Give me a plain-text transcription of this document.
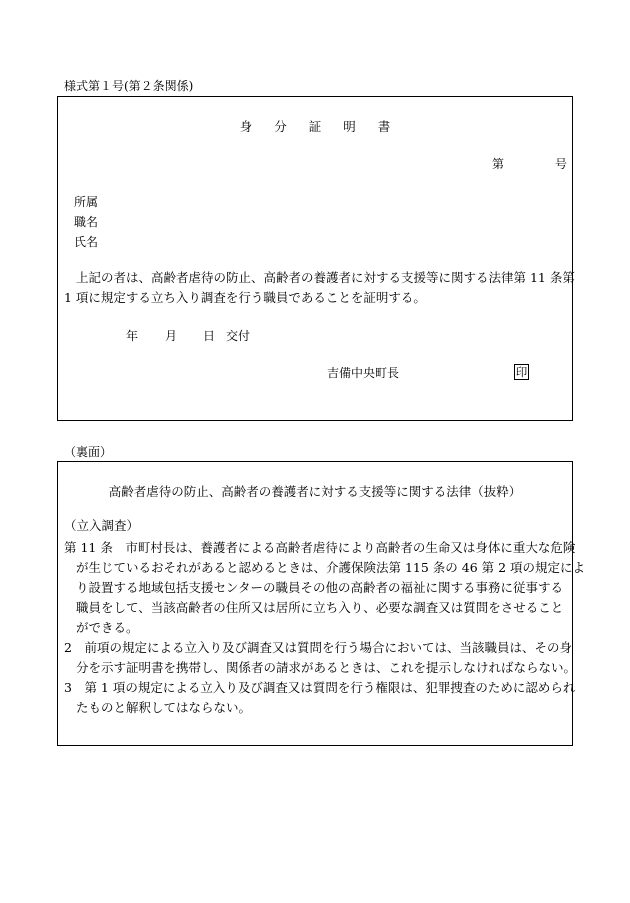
様式第１号(第２条関係)
身 分 証 明 書
第	号
所属
職名
氏名
上記の者は、高齢者虐待の防止、高齢者の養護者に対する支援等に関する法律第 11 条第
1 項に規定する立ち入り調査を行う職員であることを証明する。
年 月 日 交付
吉備中央町長	印
（裏面）
高齢者虐待の防止、高齢者の養護者に対する支援等に関する法律（抜粋）
（立入調査）
第 11 条　市町村長は、養護者による高齢者虐待により高齢者の生命又は身体に重大な危険
が生じているおそれがあると認めるときは、介護保険法第 115 条の 46 第 2 項の規定によ
り設置する地域包括支援センターの職員その他の高齢者の福祉に関する事務に従事する
職員をして、当該高齢者の住所又は居所に立ち入り、必要な調査又は質問をさせること
ができる。
2　前項の規定による立入り及び調査又は質問を行う場合においては、当該職員は、その身
分を示す証明書を携帯し、関係者の請求があるときは、これを提示しなければならない。
3　第 1 項の規定による立入り及び調査又は質問を行う権限は、犯罪捜査のために認められ
たものと解釈してはならない。
